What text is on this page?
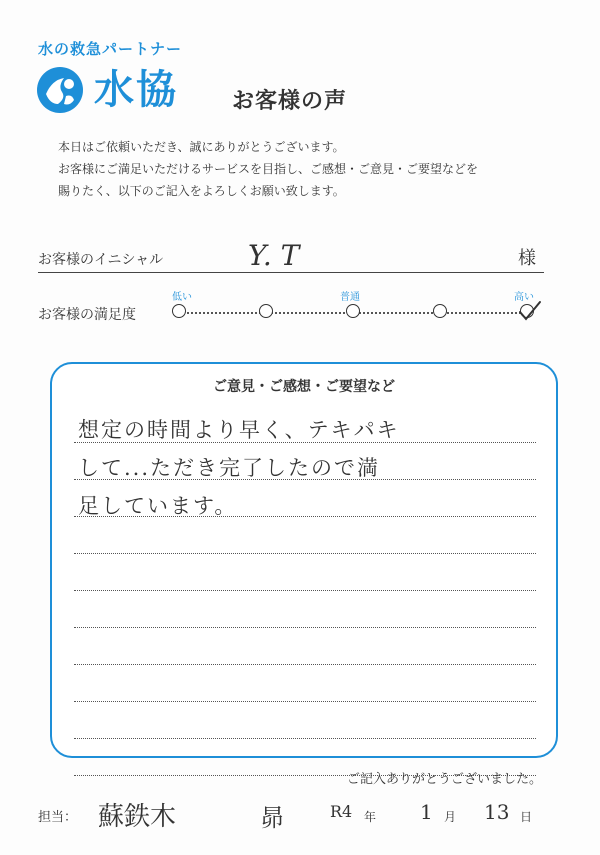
水の救急パートナー
水協 お客様の声
本日はご依頼いただき、誠にありがとうございます。
お客様にご満足いただけるサービスを目指し、ご感想・ご意見・ご要望などを
賜りたく、以下のご記入をよろしくお願い致します。
お客様のイニシャル	Y. T	様
お客様の満足度
低い	普通	高い
ご意見・ご感想・ご要望など
想定の時間より早く、テキパキ
して...ただき完了したので満
足しています。
ご記入ありがとうございました。
担当： 蘇鉄木	昴	R4 年 1 月 13 日
